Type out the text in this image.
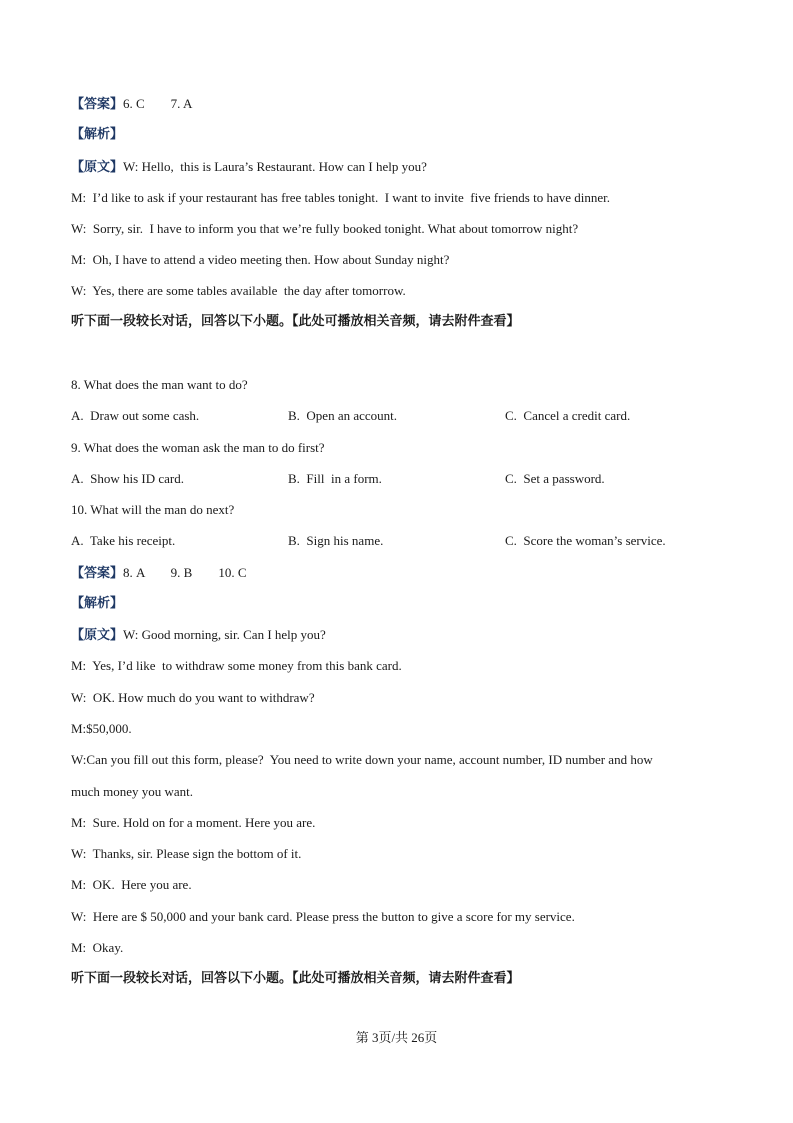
【答案】6. C        7. A
【解析】
【原文】W: Hello,  this is Laura’s Restaurant. How can I help you?
M:  I’d like to ask if your restaurant has free tables tonight.  I want to invite  five friends to have dinner.
W:  Sorry, sir.  I have to inform you that we’re fully booked tonight. What about tomorrow night?
M:  Oh, I have to attend a video meeting then. How about Sunday night?
W:  Yes, there are some tables available  the day after tomorrow.
听下面一段较长对话，回答以下小题。【此处可播放相关音频，请去附件查看】
8. What does the man want to do?
A.  Draw out some cash.	B.  Open an account.	C.  Cancel a credit card.
9. What does the woman ask the man to do first?
A.  Show his ID card.	B.  Fill  in a form.	C.  Set a password.
10. What will the man do next?
A.  Take his receipt.	B.  Sign his name.	C.  Score the woman’s service.
【答案】8. A        9. B        10. C
【解析】
【原文】W: Good morning, sir. Can I help you?
M:  Yes, I’d like  to withdraw some money from this bank card.
W:  OK. How much do you want to withdraw?
M:$50,000.
W:Can you fill out this form, please?  You need to write down your name, account number, ID number and how
much money you want.
M:  Sure. Hold on for a moment. Here you are.
W:  Thanks, sir. Please sign the bottom of it.
M:  OK.  Here you are.
W:  Here are $ 50,000 and your bank card. Please press the button to give a score for my service.
M:  Okay.
听下面一段较长对话，回答以下小题。【此处可播放相关音频，请去附件查看】
第 3页/共 26页
